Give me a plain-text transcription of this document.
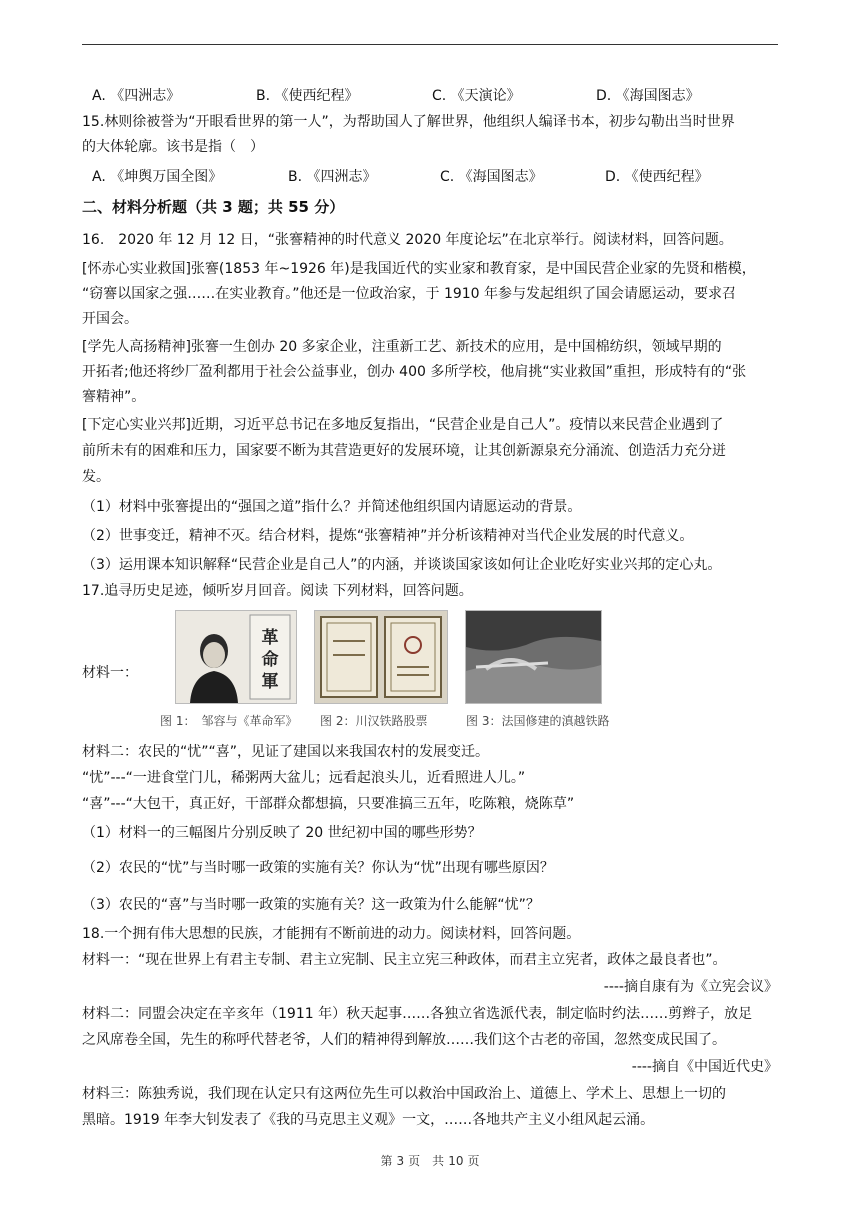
A. 《四洲志》	B. 《使西纪程》	C. 《天演论》	D. 《海国图志》
15.林则徐被誉为“开眼看世界的第一人”，为帮助国人了解世界，他组织人编译书本，初步勾勒出当时世界
的大体轮廓。该书是指（　）
A. 《坤舆万国全图》	B. 《四洲志》	C. 《海国图志》	D. 《使西纪程》
二、材料分析题（共 3 题；共 55 分）
16.　2020 年 12 月 12 日，“张謇精神的时代意义 2020 年度论坛”在北京举行。阅读材料，回答问题。
[怀赤心实业救国]张謇(1853 年~1926 年)是我国近代的实业家和教育家，是中国民营企业家的先贤和楷模，
“窃謇以国家之强……在实业教育。”他还是一位政治家，于 1910 年参与发起组织了国会请愿运动，要求召
开国会。
[学先人高扬精神]张謇一生创办 20 多家企业，注重新工艺、新技术的应用，是中国棉纺织，领域早期的
开拓者;他还将纱厂盈利都用于社会公益事业，创办 400 多所学校，他肩挑“实业救国”重担，形成特有的“张
謇精神”。
[下定心实业兴邦]近期，习近平总书记在多地反复指出，“民营企业是自己人”。疫情以来民营企业遇到了
前所未有的困难和压力，国家要不断为其营造更好的发展环境，让其创新源泉充分涌流、创造活力充分迸
发。
（1）材料中张謇提出的“强国之道”指什么？并简述他组织国内请愿运动的背景。
（2）世事变迁，精神不灭。结合材料，提炼“张謇精神”并分析该精神对当代企业发展的时代意义。
（3）运用课本知识解释“民营企业是自己人”的内涵，并谈谈国家该如何让企业吃好实业兴邦的定心丸。
17.追寻历史足迹，倾听岁月回音。阅读 下列材料，回答问题。
材料一：
革命軍
图 1：　邹容与《革命军》 图 2：川汉铁路股票	图 3：法国修建的滇越铁路
材料二：农民的“忧”“喜”，见证了建国以来我国农村的发展变迁。
“忧”---“一进食堂门儿，稀粥两大盆儿；远看起浪头儿，近看照进人儿。”
“喜”---“大包干，真正好，干部群众都想搞，只要准搞三五年，吃陈粮，烧陈草”
（1）材料一的三幅图片分别反映了 20 世纪初中国的哪些形势？
（2）农民的“忧”与当时哪一政策的实施有关？你认为“忧”出现有哪些原因？
（3）农民的“喜”与当时哪一政策的实施有关？这一政策为什么能解“忧”？
18.一个拥有伟大思想的民族，才能拥有不断前进的动力。阅读材料，回答问题。
材料一：“现在世界上有君主专制、君主立宪制、民主立宪三种政体，而君主立宪者，政体之最良者也”。
----摘自康有为《立宪会议》
材料二：同盟会决定在辛亥年（1911 年）秋天起事……各独立省选派代表，制定临时约法……剪辫子，放足
之风席卷全国，先生的称呼代替老爷，人们的精神得到解放……我们这个古老的帝国，忽然变成民国了。
----摘自《中国近代史》
材料三：陈独秀说，我们现在认定只有这两位先生可以救治中国政治上、道德上、学术上、思想上一切的
黑暗。1919 年李大钊发表了《我的马克思主义观》一文，……各地共产主义小组风起云涌。
第 3 页　共 10 页
